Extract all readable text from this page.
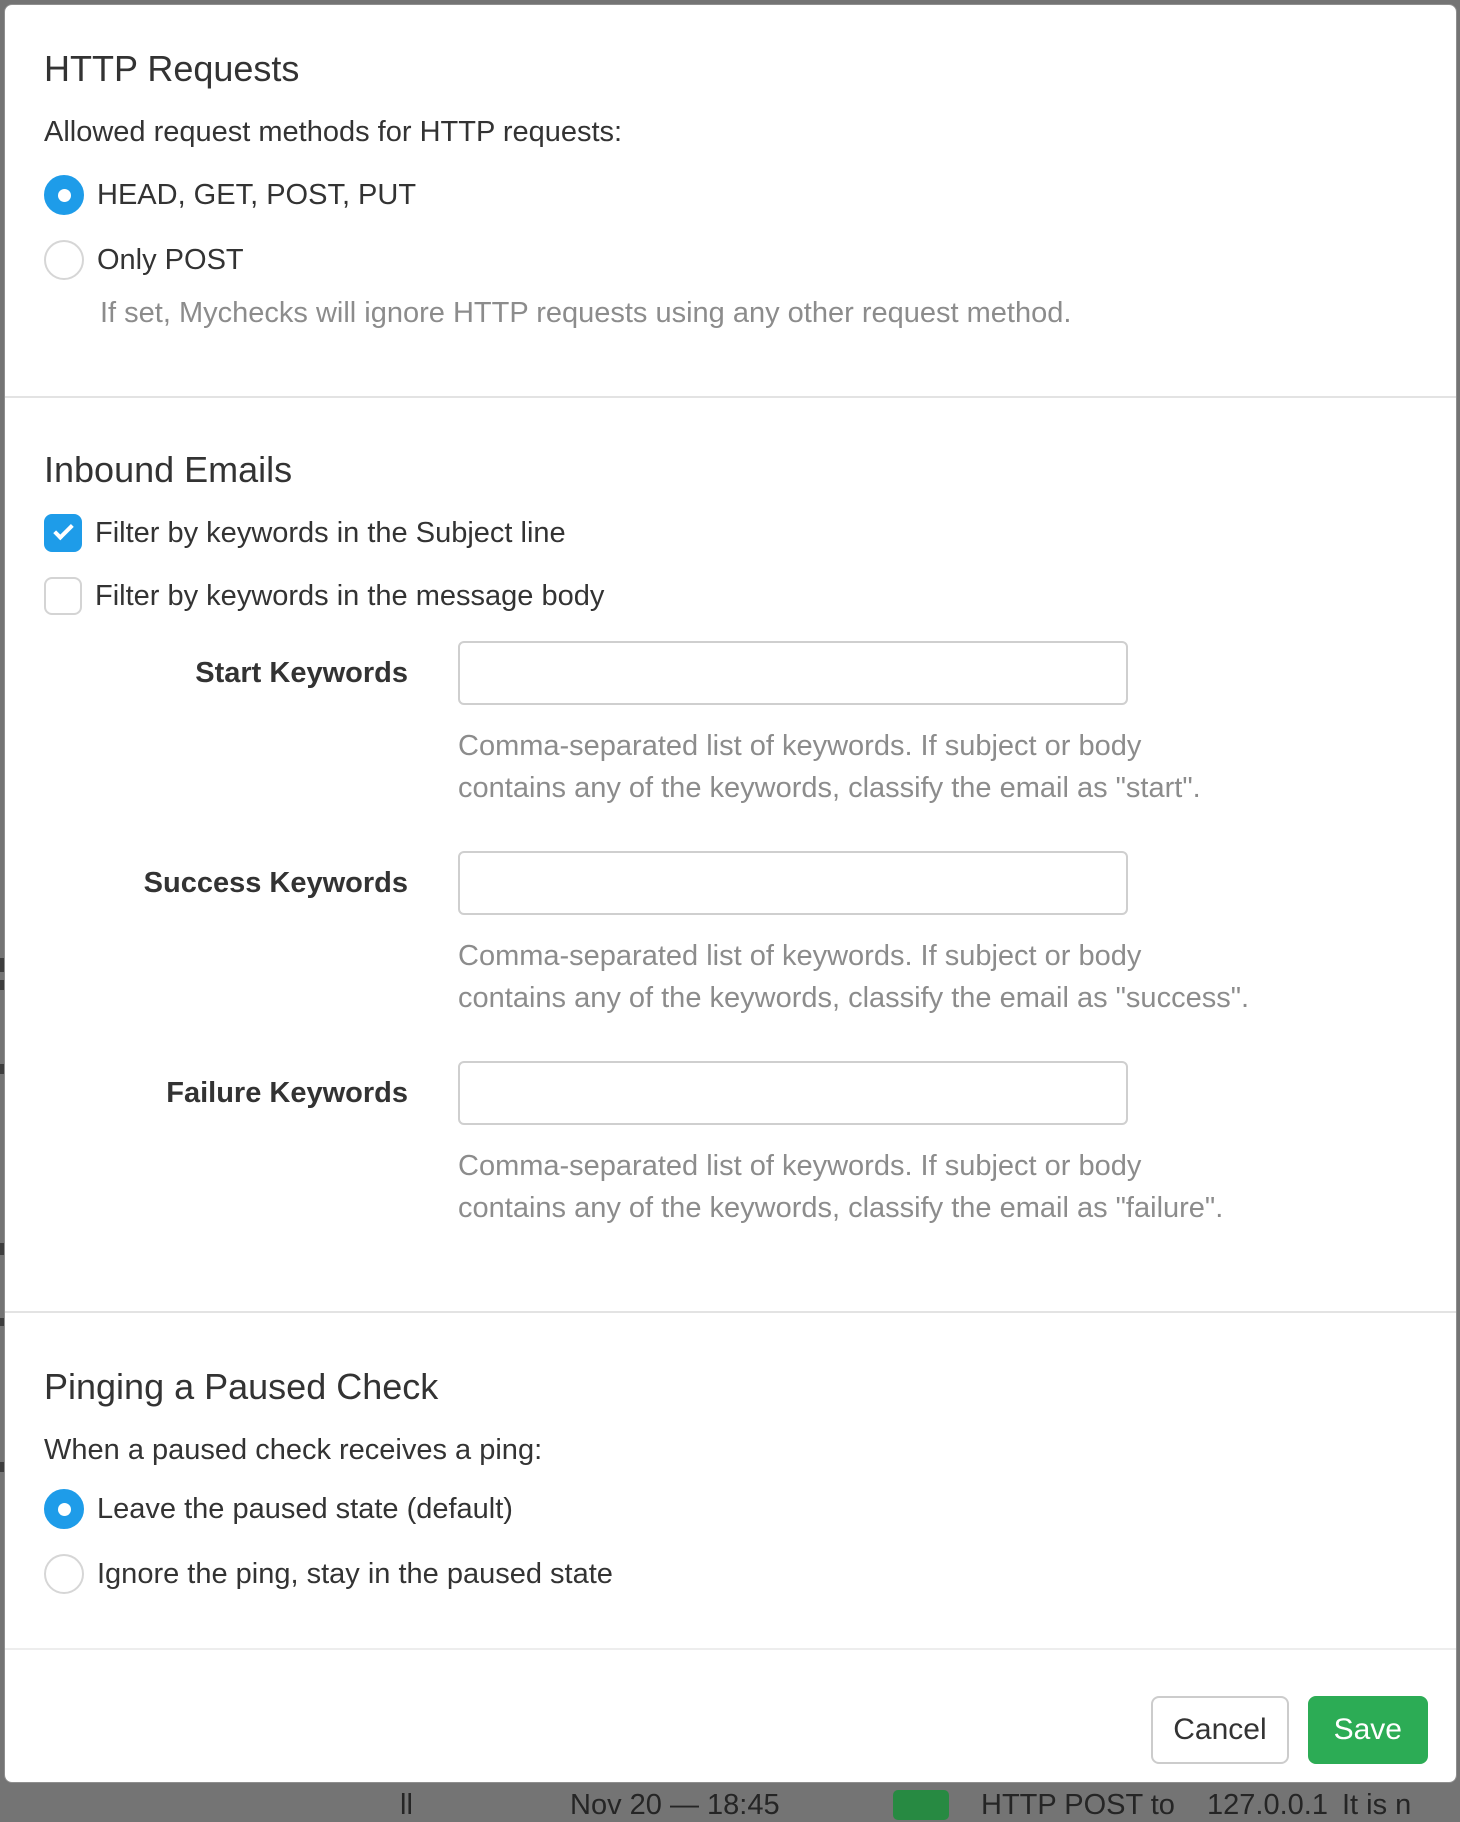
ll	Nov 20 — 18:45	HTTP POST to 127.0.0.1 It is n
HTTP Requests

Allowed request methods for HTTP requests:

HEAD, GET, POST, PUT
Only POST

If set, Mychecks will ignore HTTP requests using any other request method.

Inbound Emails
Filter by keywords in the Subject line
Filter by keywords in the message body
Start Keywords
Comma-separated list of keywords. If subject or body
contains any of the keywords, classify the email as "start".
Success Keywords
Comma-separated list of keywords. If subject or body
contains any of the keywords, classify the email as "success".
Failure Keywords
Comma-separated list of keywords. If subject or body
contains any of the keywords, classify the email as "failure".
Pinging a Paused Check

When a paused check receives a ping:

Leave the paused state (default)
Ignore the ping, stay in the paused state
Cancel	Save
